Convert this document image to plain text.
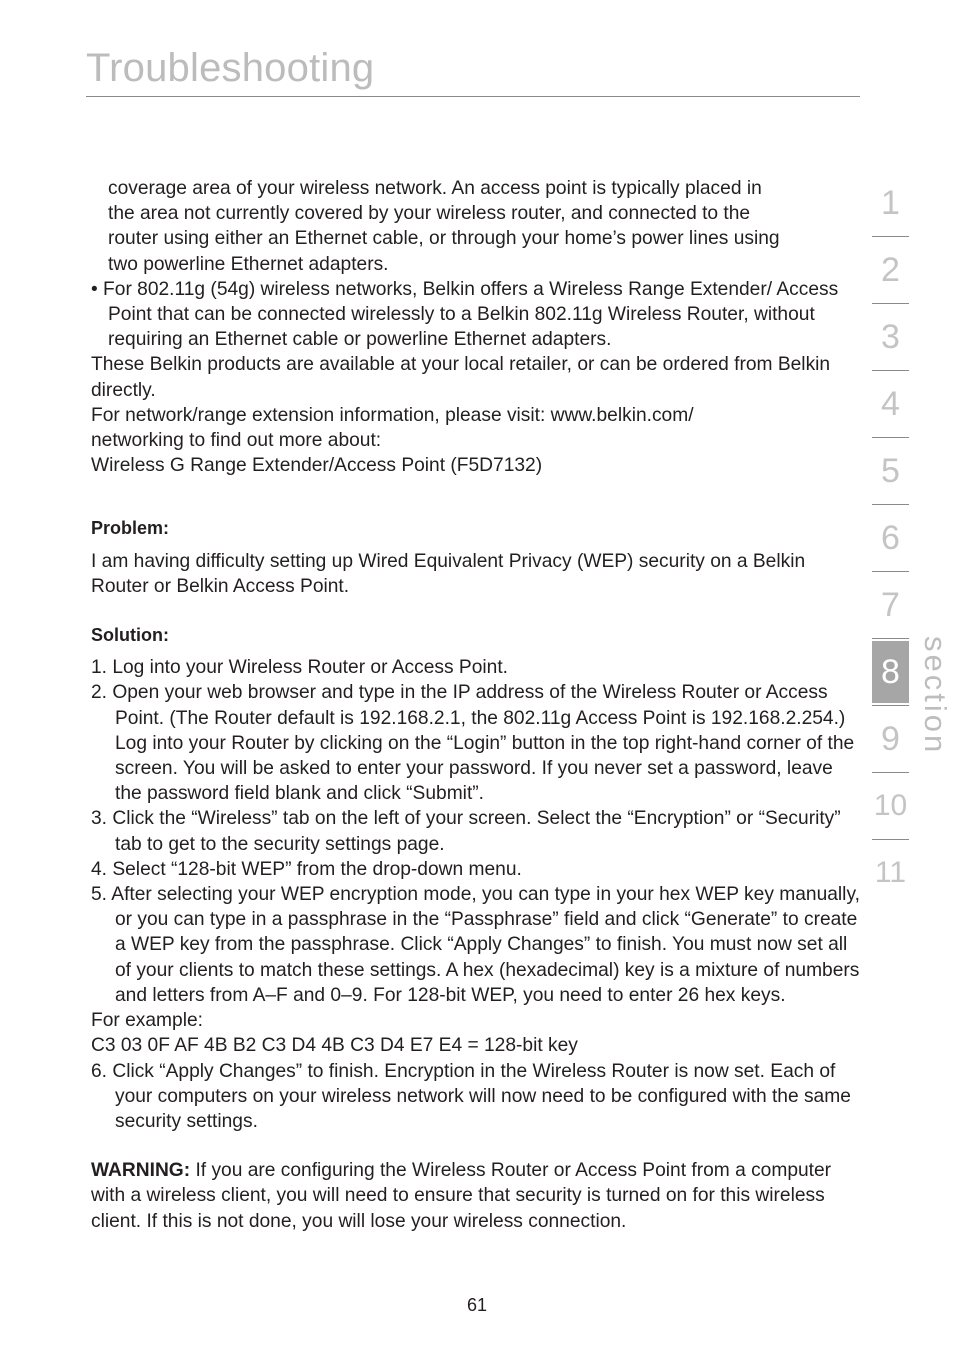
Troubleshooting

coverage area of your wireless network. An access point is typically placed in

the area not currently covered by your wireless router, and connected to the

router using either an Ethernet cable, or through your home’s power lines using

two powerline Ethernet adapters.

• For 802.11g (54g) wireless networks, Belkin offers a Wireless Range Extender/ Access Point that can be connected wirelessly to a Belkin 802.11g Wireless Router, without requiring an Ethernet cable or powerline Ethernet adapters.

These Belkin products are available at your local retailer, or can be ordered from Belkin directly.

For network/range extension information, please visit: www.belkin.com/

networking to find out more about:

Wireless G Range Extender/Access Point (F5D7132)

Problem:

I am having difficulty setting up Wired Equivalent Privacy (WEP) security on a Belkin Router or Belkin Access Point.

Solution:

1. Log into your Wireless Router or Access Point.

2. Open your web browser and type in the IP address of the Wireless Router or Access Point. (The Router default is 192.168.2.1, the 802.11g Access Point is 192.168.2.254.) Log into your Router by clicking on the “Login” button in the top right-hand corner of the screen. You will be asked to enter your password. If you never set a password, leave the password field blank and click “Submit”.

3. Click the “Wireless” tab on the left of your screen. Select the “Encryption” or “Security” tab to get to the security settings page.

4. Select “128-bit WEP” from the drop-down menu.

5. After selecting your WEP encryption mode, you can type in your hex WEP key manually, or you can type in a passphrase in the “Passphrase” field and click “Generate” to create a WEP key from the passphrase. Click “Apply Changes” to finish. You must now set all of your clients to match these settings. A hex (hexadecimal) key is a mixture of numbers and letters from A–F and 0–9. For 128-bit WEP, you need to enter 26 hex keys.

For example:

C3 03 0F AF 4B B2 C3 D4 4B C3 D4 E7 E4 = 128-bit key

6. Click “Apply Changes” to finish. Encryption in the Wireless Router is now set. Each of your computers on your wireless network will now need to be configured with the same security settings.

WARNING: If you are configuring the Wireless Router or Access Point from a computer with a wireless client, you will need to ensure that security is turned on for this wireless client. If this is not done, you will lose your wireless connection.

61
1
2
3
4
5
6
7
8
9
10
11
section
